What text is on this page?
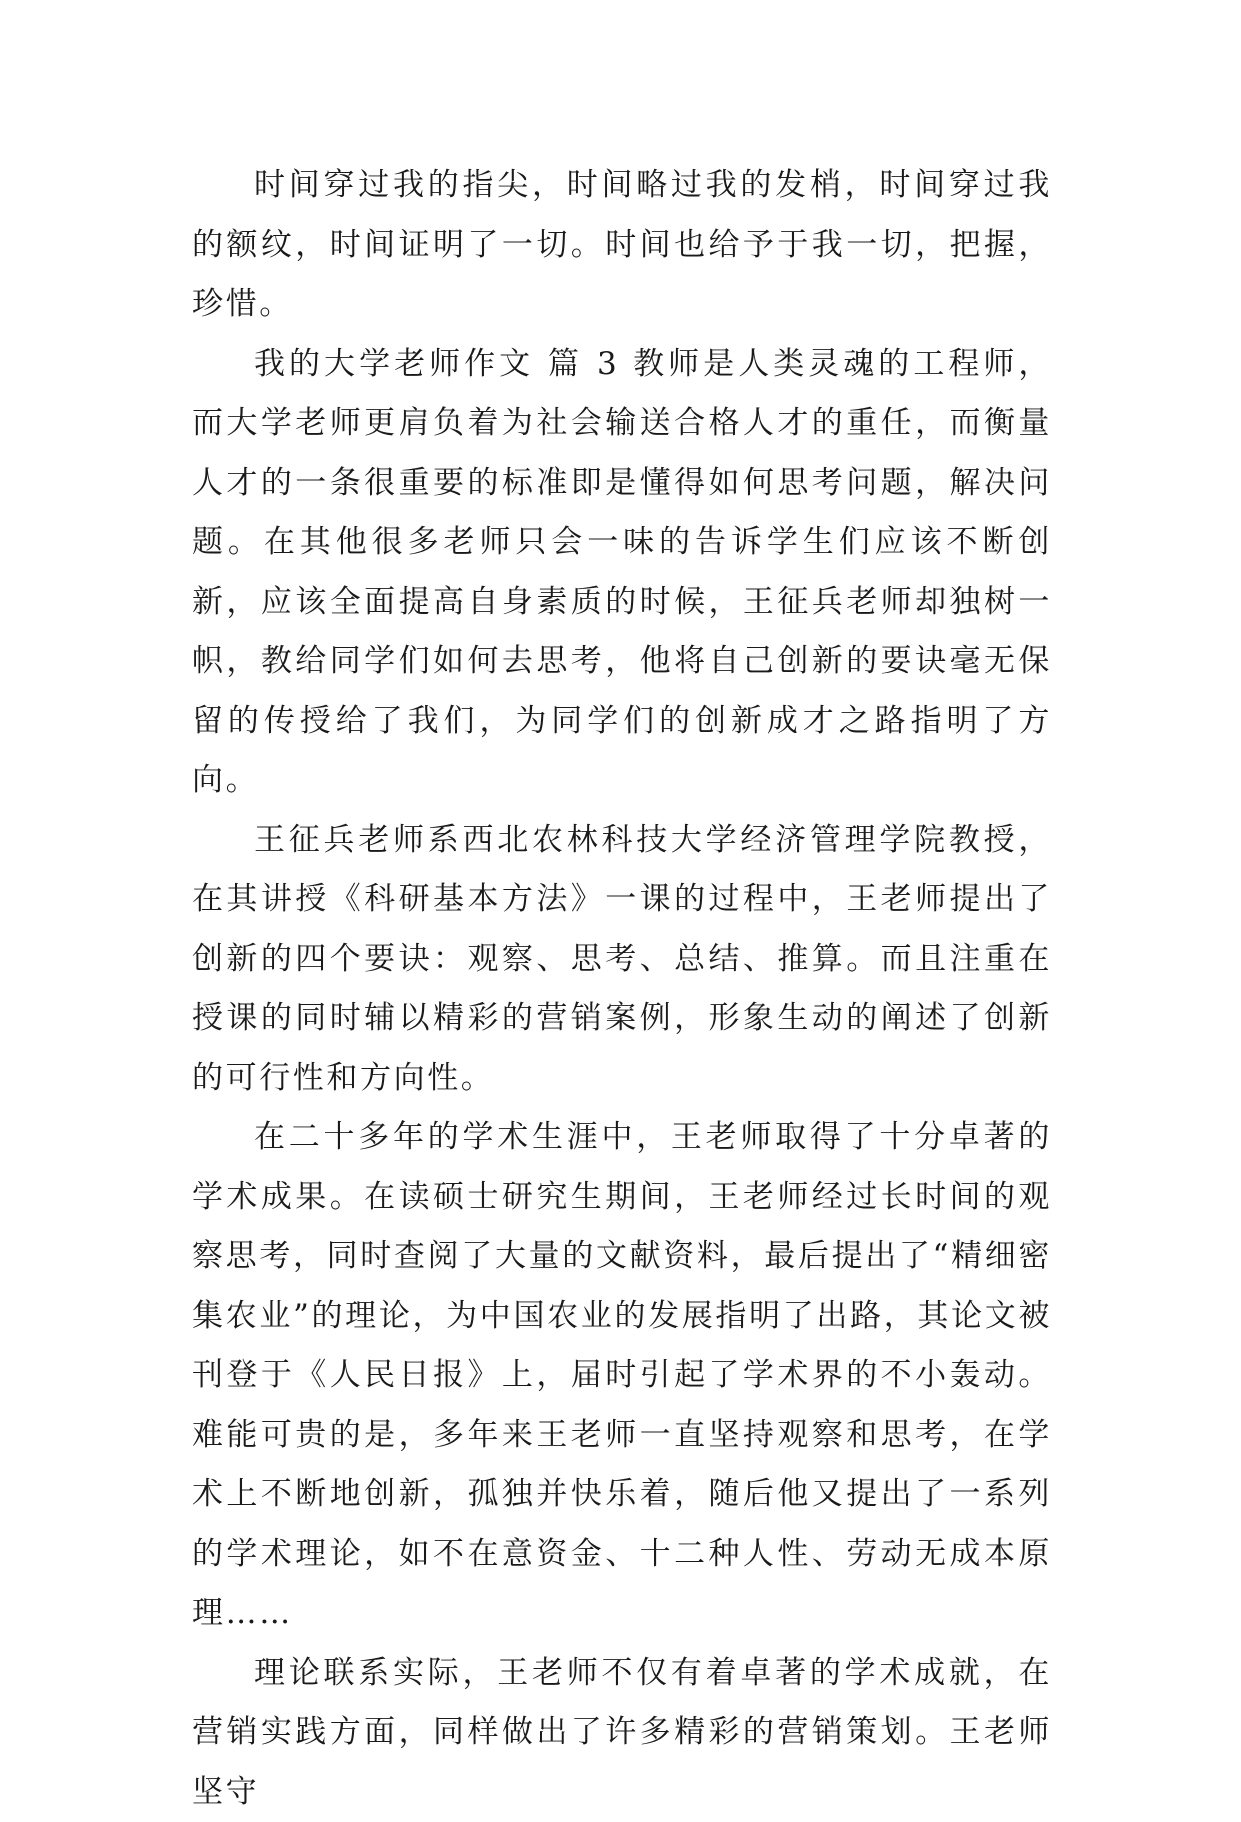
时间穿过我的指尖，时间略过我的发梢，时间穿过我的额纹，时间证明了一切。时间也给予于我一切，把握，珍惜。

我的大学老师作文 篇 3 教师是人类灵魂的工程师，而大学老师更肩负着为社会输送合格人才的重任，而衡量人才的一条很重要的标准即是懂得如何思考问题，解决问题。在其他很多老师只会一味的告诉学生们应该不断创新，应该全面提高自身素质的时候，王征兵老师却独树一帜，教给同学们如何去思考，他将自己创新的要诀毫无保留的传授给了我们，为同学们的创新成才之路指明了方向。

王征兵老师系西北农林科技大学经济管理学院教授，在其讲授《科研基本方法》一课的过程中，王老师提出了创新的四个要诀：观察、思考、总结、推算。而且注重在授课的同时辅以精彩的营销案例，形象生动的阐述了创新的可行性和方向性。

在二十多年的学术生涯中，王老师取得了十分卓著的学术成果。在读硕士研究生期间，王老师经过长时间的观察思考，同时查阅了大量的文献资料，最后提出了“精细密集农业”的理论，为中国农业的发展指明了出路，其论文被刊登于《人民日报》上，届时引起了学术界的不小轰动。难能可贵的是，多年来王老师一直坚持观察和思考，在学术上不断地创新，孤独并快乐着，随后他又提出了一系列的学术理论，如不在意资金、十二种人性、劳动无成本原理……

理论联系实际，王老师不仅有着卓著的学术成就，在营销实践方面，同样做出了许多精彩的营销策划。王老师坚守
